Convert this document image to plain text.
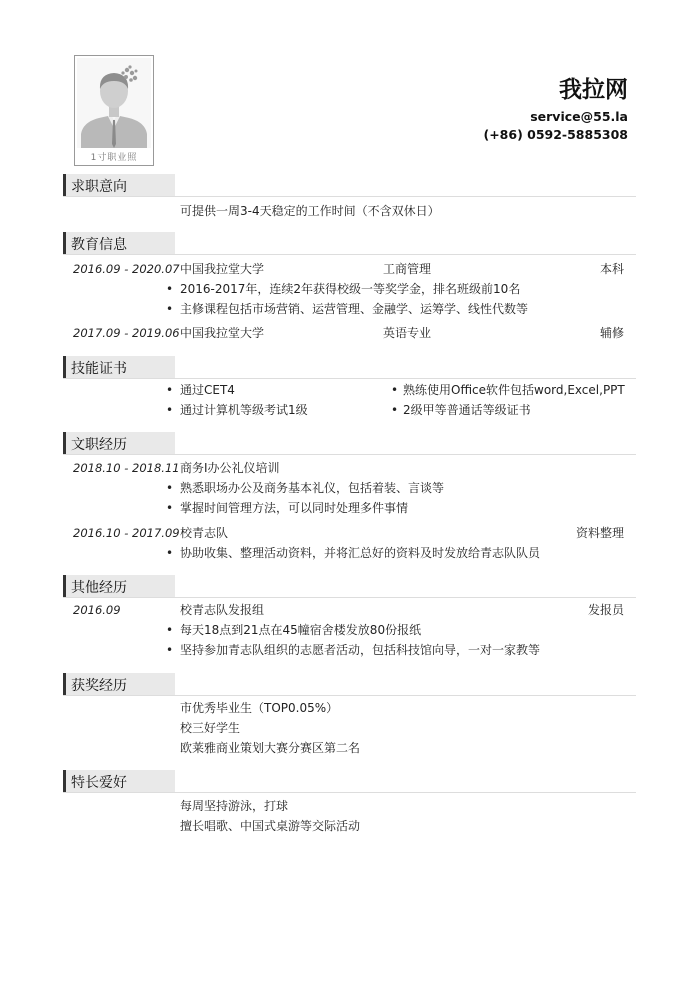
1寸职业照
我拉网
service@55.la
(+86) 0592-5885308
求职意向
可提供一周3-4天稳定的工作时间（不含双休日）
教育信息
2016.09 - 2020.07 中国我拉堂大学	工商管理	本科
• 2016-2017年，连续2年获得校级一等奖学金，排名班级前10名
• 主修课程包括市场营销、运营管理、金融学、运筹学、线性代数等
2017.09 - 2019.06 中国我拉堂大学	英语专业	辅修
技能证书
• 通过CET4	• 熟练使用Office软件包括word,Excel,PPT
• 通过计算机等级考试1级	• 2级甲等普通话等级证书
文职经历
2018.10 - 2018.11 商务I办公礼仪培训
• 熟悉职场办公及商务基本礼仪，包括着装、言谈等
• 掌握时间管理方法，可以同时处理多件事情
2016.10 - 2017.09 校青志队	资料整理
• 协助收集、整理活动资料，并将汇总好的资料及时发放给青志队队员
其他经历
2016.09	校青志队发报组	发报员
• 每天18点到21点在45幢宿舍楼发放80份报纸
• 坚持参加青志队组织的志愿者活动，包括科技馆向导，一对一家教等
获奖经历
市优秀毕业生（TOP0.05%）
校三好学生
欧莱雅商业策划大赛分赛区第二名
特长爱好
每周坚持游泳，打球
擅长唱歌、中国式桌游等交际活动
